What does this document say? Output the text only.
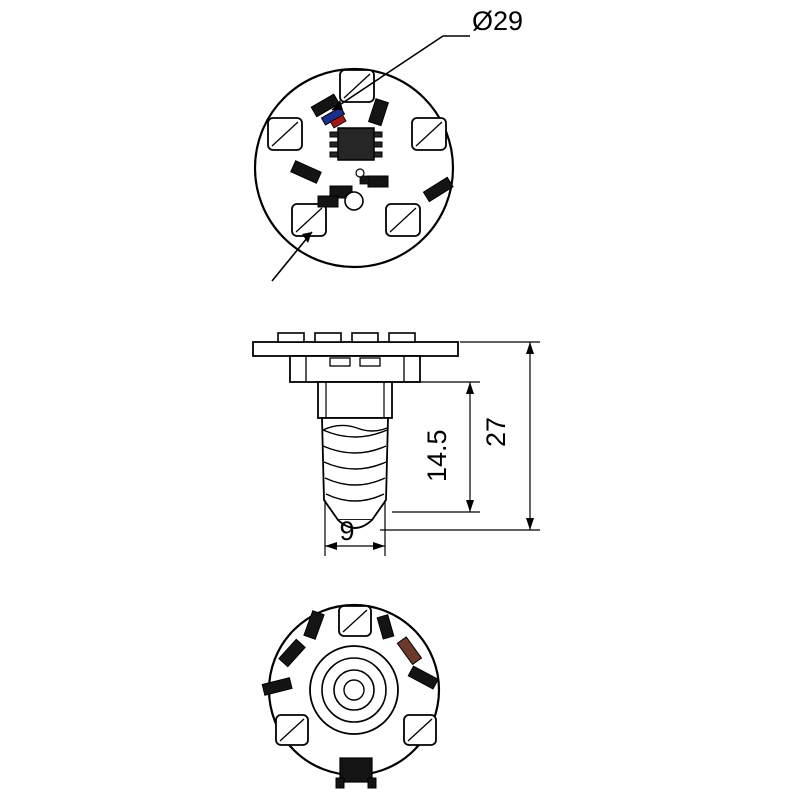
Ø29
27
14.5
9
